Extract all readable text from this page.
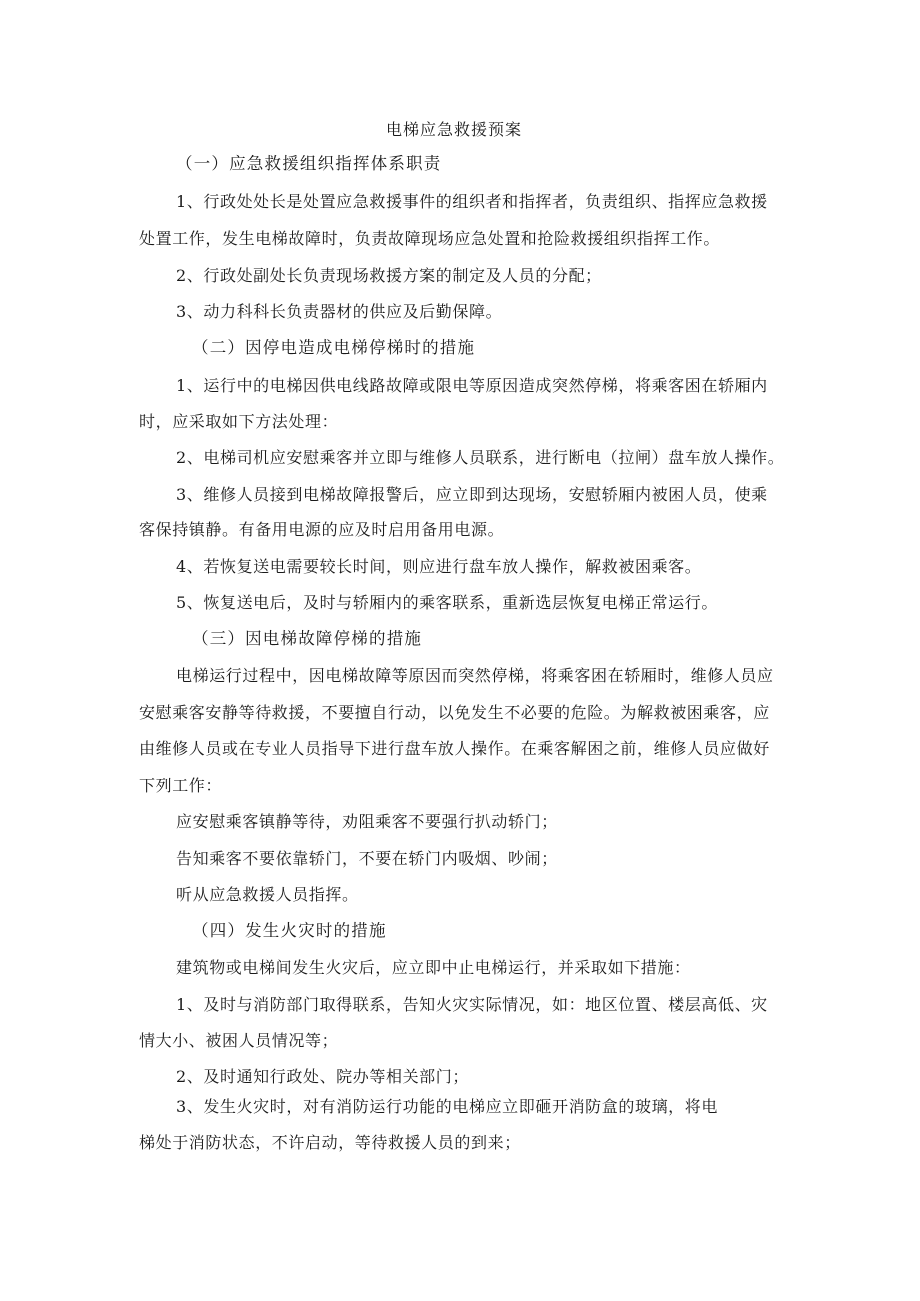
电梯应急救援预案
（一）应急救援组织指挥体系职责
1、行政处处长是处置应急救援事件的组织者和指挥者，负责组织、指挥应急救援
处置工作，发生电梯故障时，负责故障现场应急处置和抢险救援组织指挥工作。
2、行政处副处长负责现场救援方案的制定及人员的分配；
3、动力科科长负责器材的供应及后勤保障。
（二）因停电造成电梯停梯时的措施
1、运行中的电梯因供电线路故障或限电等原因造成突然停梯，将乘客困在轿厢内
时，应采取如下方法处理：
2、电梯司机应安慰乘客并立即与维修人员联系，进行断电（拉闸）盘车放人操作。
3、维修人员接到电梯故障报警后，应立即到达现场，安慰轿厢内被困人员，使乘
客保持镇静。有备用电源的应及时启用备用电源。
4、若恢复送电需要较长时间，则应进行盘车放人操作，解救被困乘客。
5、恢复送电后，及时与轿厢内的乘客联系，重新选层恢复电梯正常运行。
（三）因电梯故障停梯的措施
电梯运行过程中，因电梯故障等原因而突然停梯，将乘客困在轿厢时，维修人员应
安慰乘客安静等待救援，不要擅自行动，以免发生不必要的危险。为解救被困乘客，应
由维修人员或在专业人员指导下进行盘车放人操作。在乘客解困之前，维修人员应做好
下列工作：
应安慰乘客镇静等待，劝阻乘客不要强行扒动轿门；
告知乘客不要依靠轿门，不要在轿门内吸烟、吵闹；
听从应急救援人员指挥。
（四）发生火灾时的措施
建筑物或电梯间发生火灾后，应立即中止电梯运行，并采取如下措施：
1、及时与消防部门取得联系，告知火灾实际情况，如：地区位置、楼层高低、灾
情大小、被困人员情况等；
2、及时通知行政处、院办等相关部门；
3、发生火灾时，对有消防运行功能的电梯应立即砸开消防盒的玻璃，将电
梯处于消防状态，不许启动，等待救援人员的到来；
